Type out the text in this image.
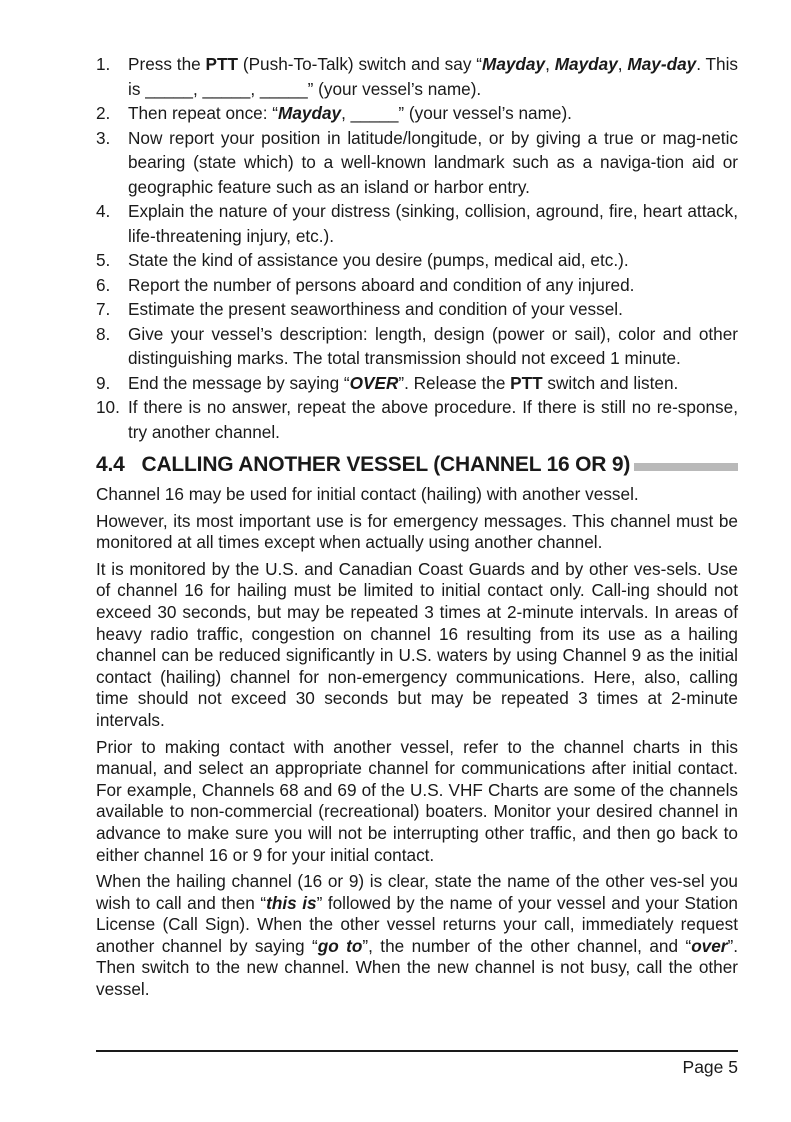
1. Press the PTT (Push-To-Talk) switch and say “Mayday, Mayday, May-day. This is _____, _____, _____” (your vessel’s name).
2. Then repeat once: “Mayday, _____” (your vessel’s name).
3. Now report your position in latitude/longitude, or by giving a true or mag-netic bearing (state which) to a well-known landmark such as a naviga-tion aid or geographic feature such as an island or harbor entry.
4. Explain the nature of your distress (sinking, collision, aground, fire, heart attack, life-threatening injury, etc.).
5. State the kind of assistance you desire (pumps, medical aid, etc.).
6. Report the number of persons aboard and condition of any injured.
7. Estimate the present seaworthiness and condition of your vessel.
8. Give your vessel’s description: length, design (power or sail), color and other distinguishing marks. The total transmission should not exceed 1 minute.
9. End the message by saying “OVER”. Release the PTT switch and listen.
10. If there is no answer, repeat the above procedure. If there is still no re-sponse, try another channel.
4.4 CALLING ANOTHER VESSEL (CHANNEL 16 OR 9)

Channel 16 may be used for initial contact (hailing) with another vessel.

However, its most important use is for emergency messages. This channel must be monitored at all times except when actually using another channel.

It is monitored by the U.S. and Canadian Coast Guards and by other ves-sels. Use of channel 16 for hailing must be limited to initial contact only. Call-ing should not exceed 30 seconds, but may be repeated 3 times at 2-minute intervals. In areas of heavy radio traffic, congestion on channel 16 resulting from its use as a hailing channel can be reduced significantly in U.S. waters by using Channel 9 as the initial contact (hailing) channel for non-emergency communications. Here, also, calling time should not exceed 30 seconds but may be repeated 3 times at 2-minute intervals.

Prior to making contact with another vessel, refer to the channel charts in this manual, and select an appropriate channel for communications after initial contact. For example, Channels 68 and 69 of the U.S. VHF Charts are some of the channels available to non-commercial (recreational) boaters. Monitor your desired channel in advance to make sure you will not be interrupting other traffic, and then go back to either channel 16 or 9 for your initial contact.

When the hailing channel (16 or 9) is clear, state the name of the other ves-sel you wish to call and then “this is” followed by the name of your vessel and your Station License (Call Sign). When the other vessel returns your call, immediately request another channel by saying “go to”, the number of the other channel, and “over”. Then switch to the new channel. When the new channel is not busy, call the other vessel.

Page 5
